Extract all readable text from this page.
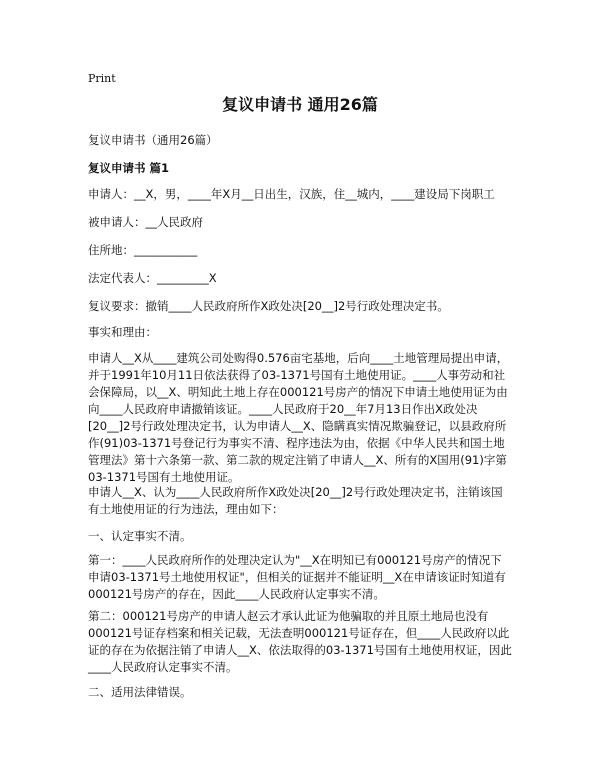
Print
复议申请书 通用26篇

复议申请书（通用26篇）

复议申请书 篇1

申请人：__X，男，____年X月__日出生，汉族，住__城内，____建设局下岗职工

被申请人：__人民政府

住所地：___________

法定代表人：_________X

复议要求：撤销____人民政府所作X政处决[20__]2号行政处理决定书。

事实和理由：

申请人__X从____建筑公司处购得0.576亩宅基地，后向____土地管理局提出申请，并于1991年10月11日依法获得了03-1371号国有土地使用证。____人事劳动和社会保障局，以__X、明知此土地上存在000121号房产的情况下申请土地使用证为由向____人民政府申请撤销该证。____人民政府于20__年7月13日作出X政处决[20__]2号行政处理决定书，认为申请人__X、隐瞒真实情况欺骗登记，以县政府所作(91)03-1371号登记行为事实不清、程序违法为由，依据《中华人民共和国土地管理法》第十六条第一款、第二款的规定注销了申请人__X、所有的X国用(91)字第03-1371号国有土地使用证。

申请人__X、认为____人民政府所作X政处决[20__]2号行政处理决定书，注销该国有土地使用证的行为违法，理由如下：

一、认定事实不清。

第一：____人民政府所作的处理决定认为"__X在明知已有000121号房产的情况下申请03-1371号土地使用权证"，但相关的证据并不能证明__X在申请该证时知道有000121号房产的存在，因此____人民政府认定事实不清。

第二：000121号房产的申请人赵云才承认此证为他骗取的并且原土地局也没有000121号证存档案和相关记载，无法查明000121号证存在，但____人民政府以此证的存在为依据注销了申请人__X、依法取得的03-1371号国有土地使用权证，因此____人民政府认定事实不清。

二、适用法律错误。
